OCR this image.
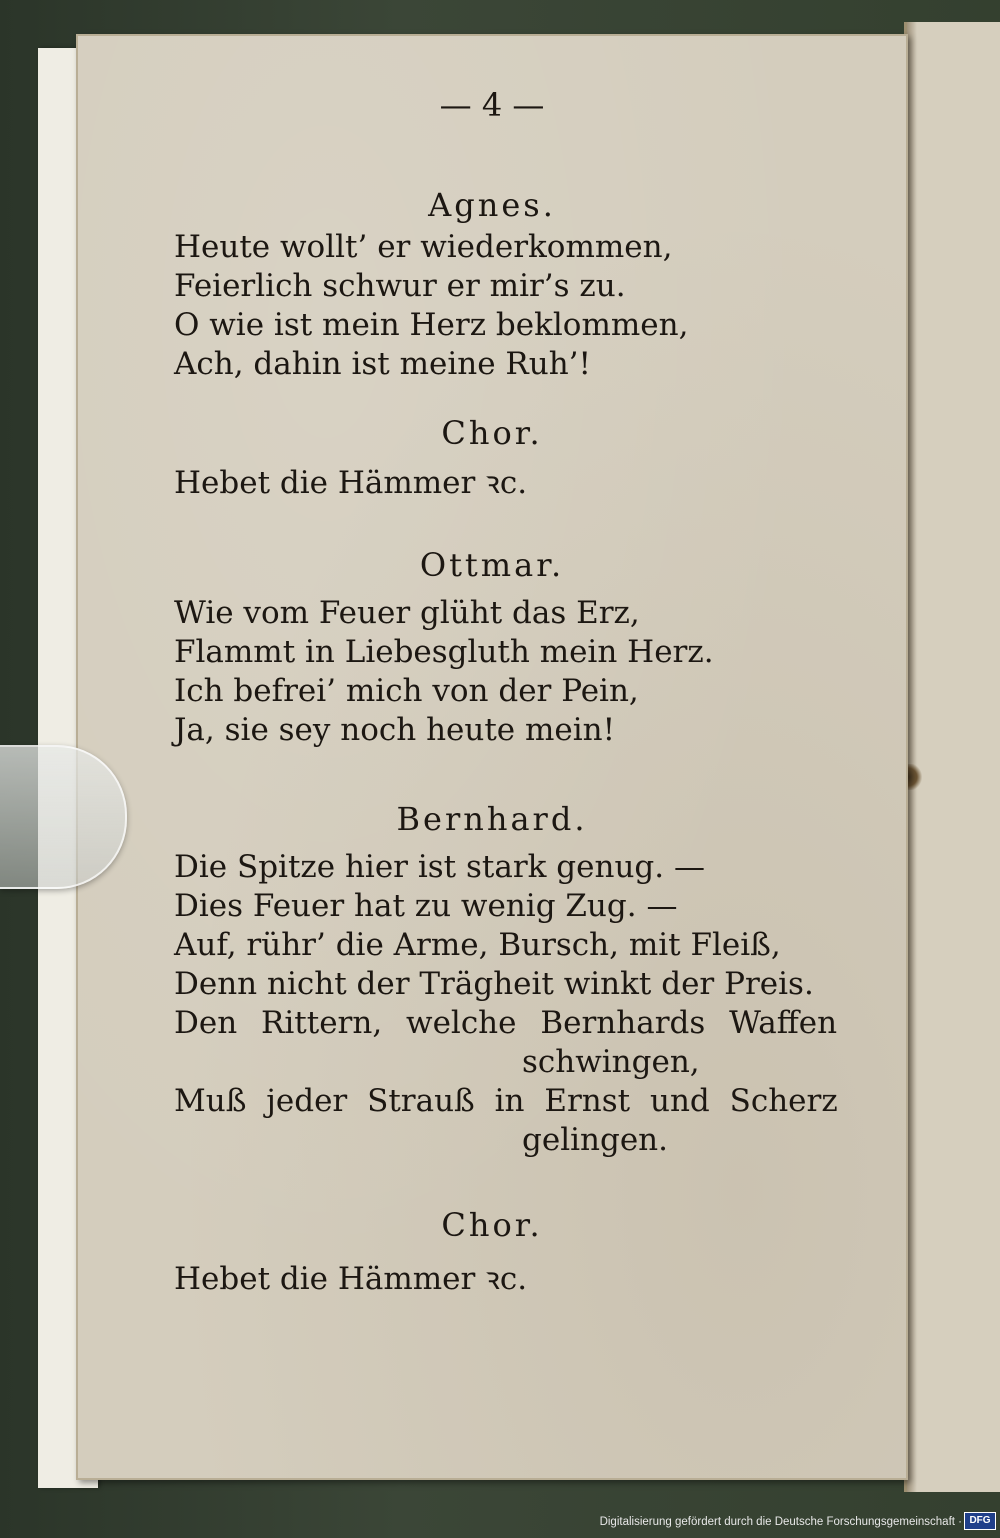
— 4 —
Agnes.
Heute wollt’ er wiederkommen,
Feierlich schwur er mir’s zu.
O wie ist mein Herz beklommen,
Ach, dahin ist meine Ruh’!
Chor.
Hebet die Hämmer ꝛc.
Ottmar.
Wie vom Feuer glüht das Erz,
Flammt in Liebesgluth mein Herz.
Ich befrei’ mich von der Pein,
Ja, sie sey noch heute mein!
Bernhard.
Die Spitze hier ist stark genug. —
Dies Feuer hat zu wenig Zug. —
Auf, rühr’ die Arme, Bursch, mit Fleiß,
Denn nicht der Trägheit winkt der Preis.
Den Rittern, welche Bernhards Waffen
schwingen,
Muß jeder Strauß in Ernst und Scherz
gelingen.
Chor.
Hebet die Hämmer ꝛc.
Digitalisierung gefördert durch die Deutsche Forschungsgemeinschaft · DFG
